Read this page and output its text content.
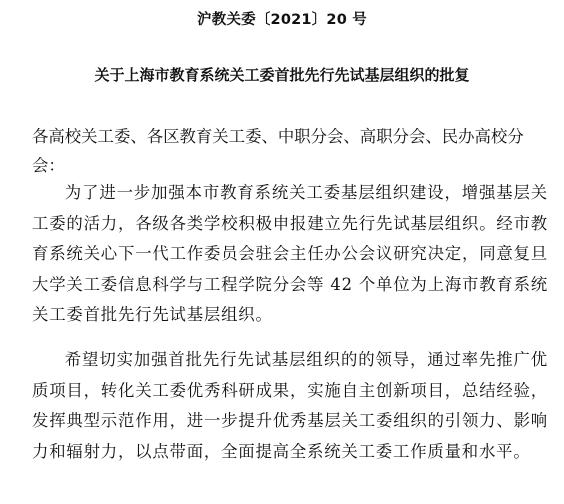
沪教关委〔2021〕20 号
关于上海市教育系统关工委首批先行先试基层组织的批复
各高校关工委、各区教育关工委、中职分会、高职分会、民办高校分会：
为了进一步加强本市教育系统关工委基层组织建设，增强基层关工委的活力，各级各类学校积极申报建立先行先试基层组织。经市教育系统关心下一代工作委员会驻会主任办公会议研究决定，同意复旦大学关工委信息科学与工程学院分会等 42 个单位为上海市教育系统关工委首批先行先试基层组织。
希望切实加强首批先行先试基层组织的的领导，通过率先推广优质项目，转化关工委优秀科研成果，实施自主创新项目，总结经验，发挥典型示范作用，进一步提升优秀基层关工委组织的引领力、影响力和辐射力，以点带面，全面提高全系统关工委工作质量和水平。
